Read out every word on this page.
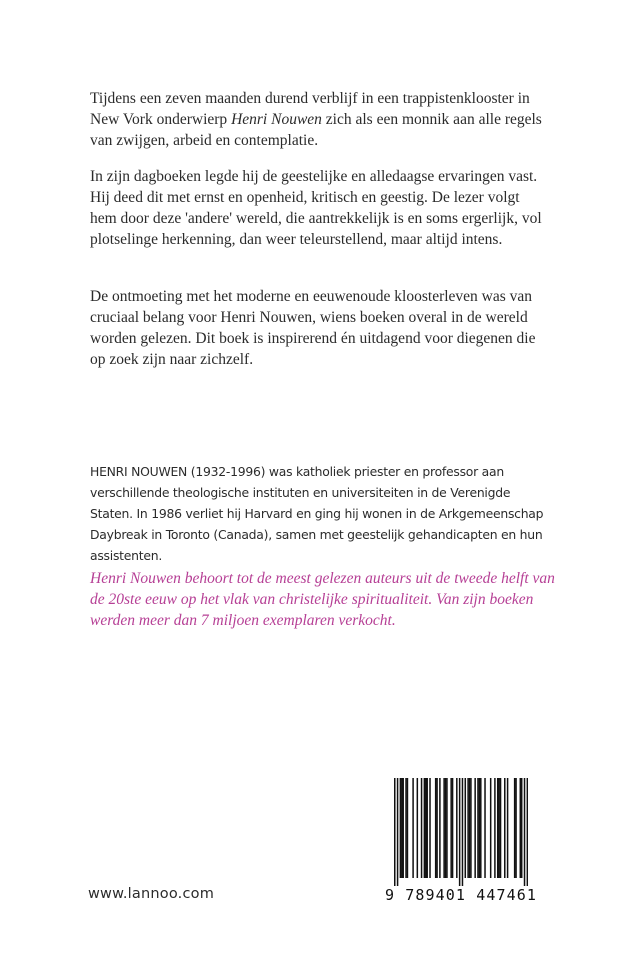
Tijdens een zeven maanden durend verblijf in een trappistenklooster in New Vork onderwierp Henri Nouwen zich als een monnik aan alle regels van zwijgen, arbeid en contemplatie.

In zijn dagboeken legde hij de geestelijke en alledaagse ervaringen vast. Hij deed dit met ernst en openheid, kritisch en geestig. De lezer volgt hem door deze 'andere' wereld, die aantrekkelijk is en soms ergerlijk, vol plotselinge herkenning, dan weer teleurstellend, maar altijd intens.

De ontmoeting met het moderne en eeuwenoude kloosterleven was van cruciaal belang voor Henri Nouwen, wiens boeken overal in de wereld worden gelezen. Dit boek is inspirerend én uitdagend voor diegenen die op zoek zijn naar zichzelf.

HENRI NOUWEN (1932-1996) was katholiek priester en professor aan verschillende theologische instituten en universiteiten in de Verenigde Staten. In 1986 verliet hij Harvard en ging hij wonen in de Arkgemeenschap Daybreak in Toronto (Canada), samen met geestelijk gehandicapten en hun assistenten.

Henri Nouwen behoort tot de meest gelezen auteurs uit de tweede helft van de 20ste eeuw op het vlak van christelijke spiritualiteit. Van zijn boeken werden meer dan 7 miljoen exemplaren verkocht.

www.lannoo.com	9 789401 447461
